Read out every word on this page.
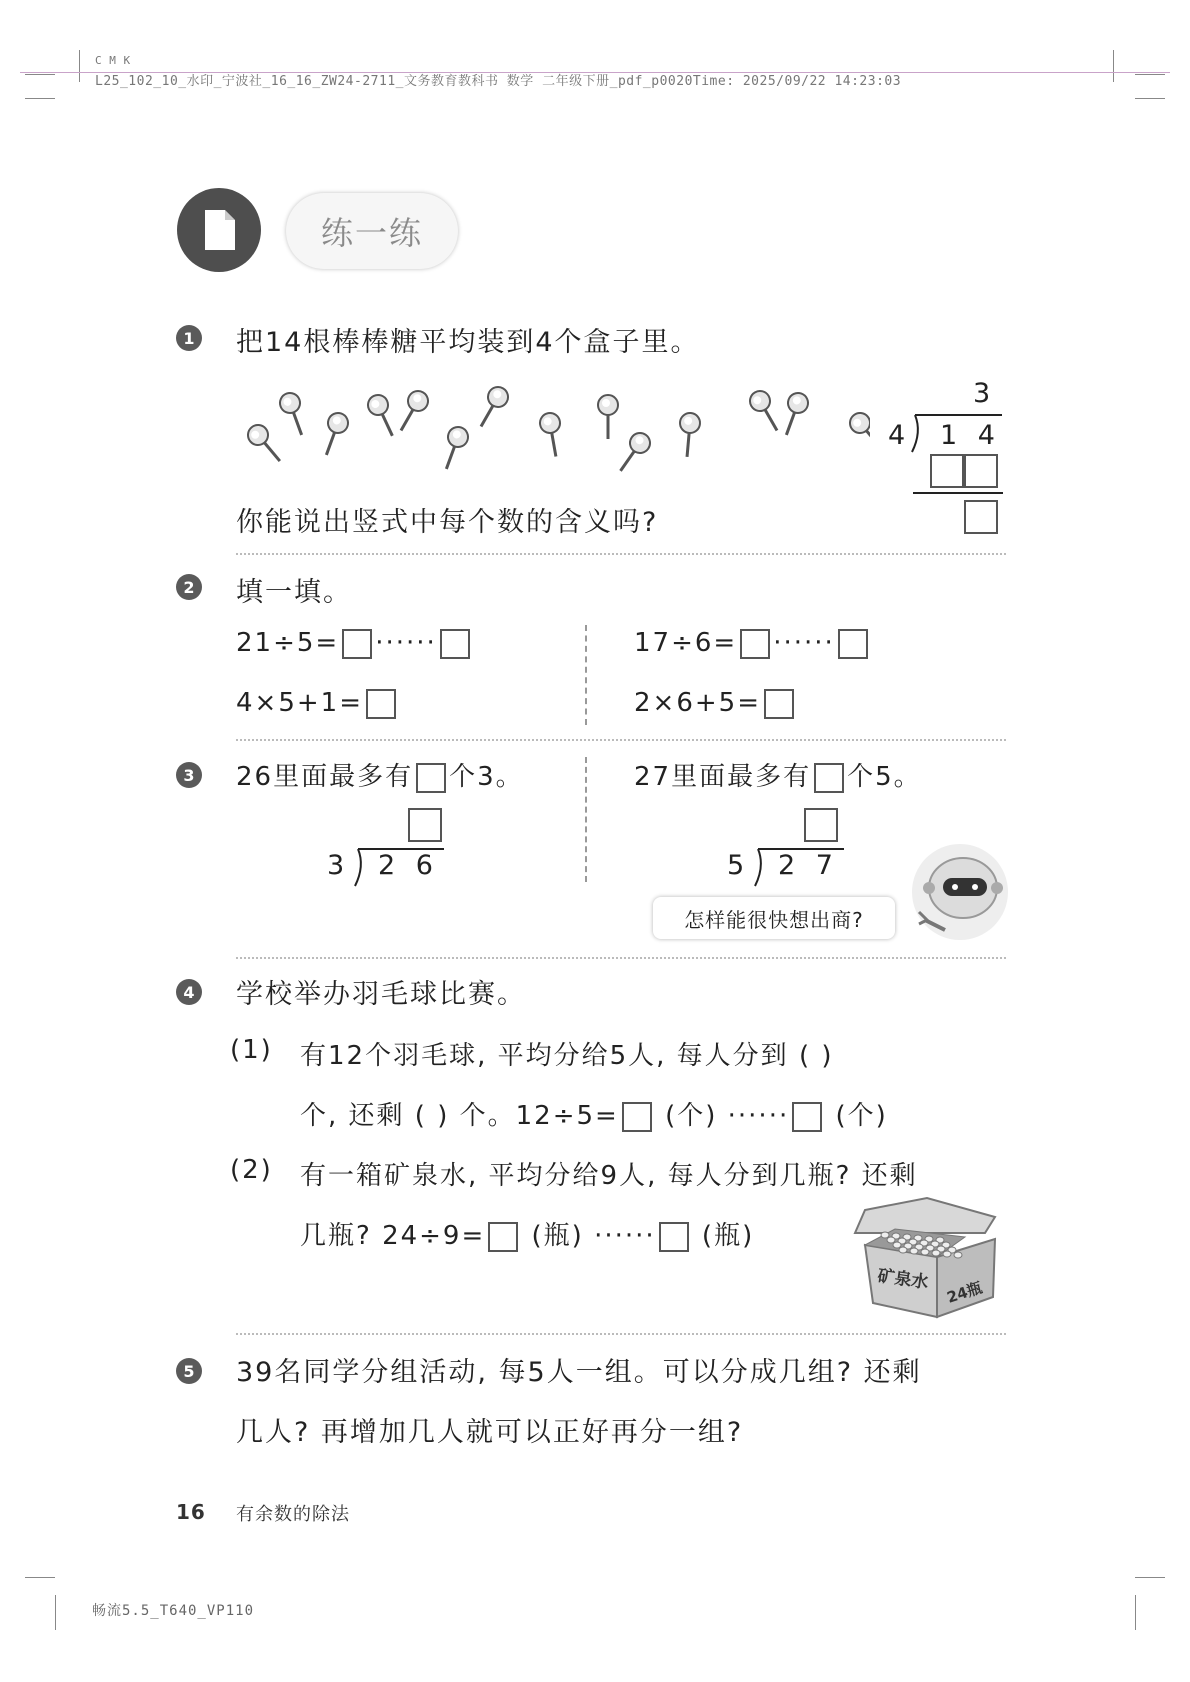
C M K
L25_102_10_水印_宁波社_16_16_ZW24-2711_文务教育教科书 数学 二年级下册_pdf_p0020Time: 2025/09/22 14:23:03
练一练
1 把14根棒棒糖平均装到4个盒子里。
3
4 1 4
你能说出竖式中每个数的含义吗?
2 填一填。
21÷5= ······
4×5+1=
17÷6= ······
2×6+5=
3 26里面最多有 个3。
3 2 6
27里面最多有 个5。
5 2 7
怎样能很快想出商?
4 学校举办羽毛球比赛。
(1) 有12个羽毛球, 平均分给5人, 每人分到 ( )
个, 还剩 ( ) 个。12÷5= (个) ······ (个)
(2) 有一箱矿泉水, 平均分给9人, 每人分到几瓶? 还剩
几瓶? 24÷9= (瓶) ······ (瓶)
矿泉水 24瓶
5 39名同学分组活动, 每5人一组。可以分成几组? 还剩
几人? 再增加几人就可以正好再分一组?
16 有余数的除法
畅流5.5_T640_VP110
